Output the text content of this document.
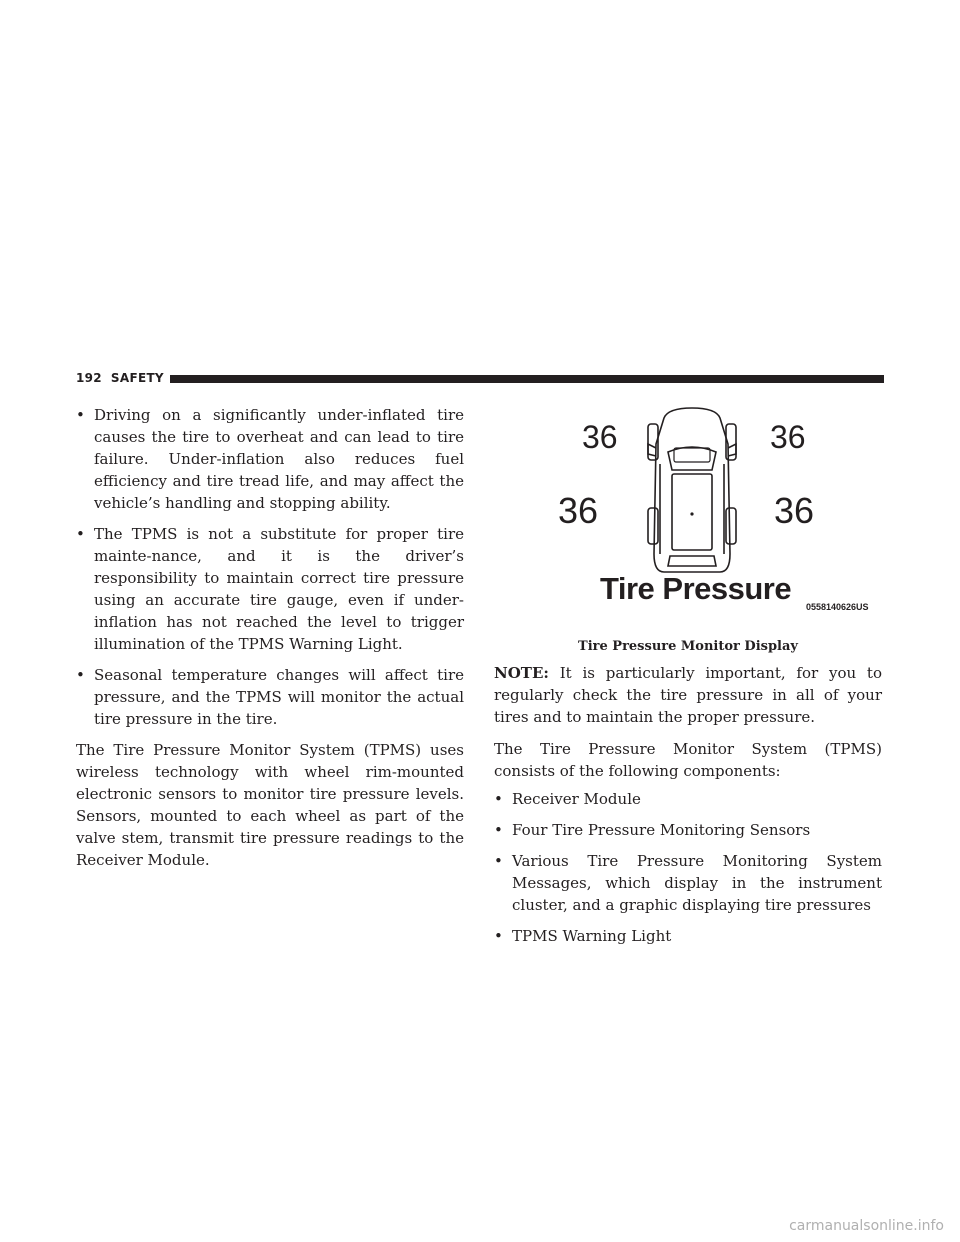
192 SAFETY
• Driving on a significantly under-inflated tire causes the tire to overheat and can lead to tire failure. Under-inflation also reduces fuel efficiency and tire tread life, and may affect the vehicle’s handling and stopping ability.
• The TPMS is not a substitute for proper tire mainte-nance, and it is the driver’s responsibility to maintain correct tire pressure using an accurate tire gauge, even if under-inflation has not reached the level to trigger illumination of the TPMS Warning Light.
• Seasonal temperature changes will affect tire pressure, and the TPMS will monitor the actual tire pressure in the tire.

The Tire Pressure Monitor System (TPMS) uses wireless technology with wheel rim-mounted electronic sensors to monitor tire pressure levels. Sensors, mounted to each wheel as part of the valve stem, transmit tire pressure readings to the Receiver Module.

36	36
36	36
Tire Pressure
0558140626US

Tire Pressure Monitor Display

NOTE: It is particularly important, for you to regularly check the tire pressure in all of your tires and to maintain the proper pressure.

The Tire Pressure Monitor System (TPMS) consists of the following components:

• Receiver Module
• Four Tire Pressure Monitoring Sensors
• Various Tire Pressure Monitoring System Messages, which display in the instrument cluster, and a graphic displaying tire pressures
• TPMS Warning Light
carmanualsonline.info
